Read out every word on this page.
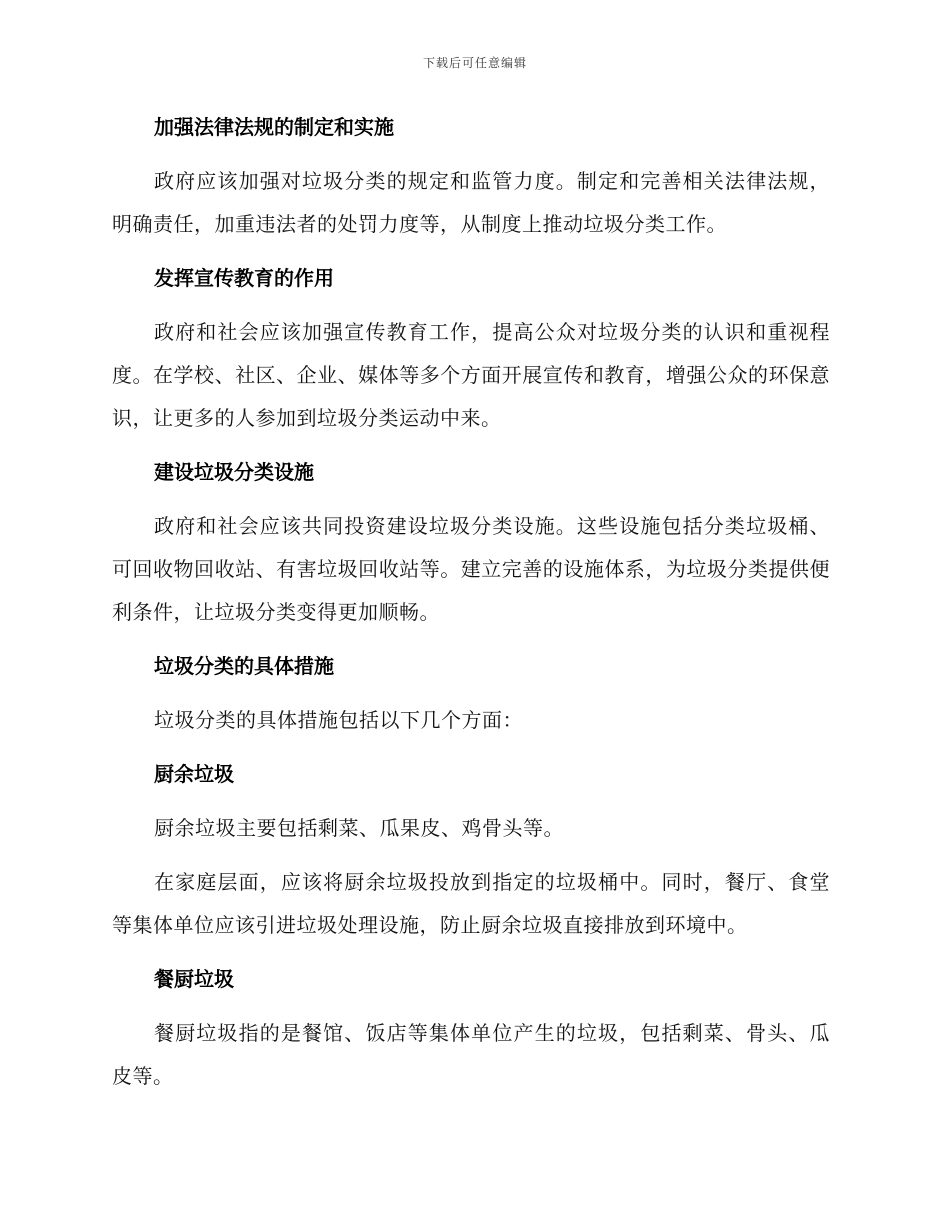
下载后可任意编辑
加强法律法规的制定和实施
政府应该加强对垃圾分类的规定和监管力度。制定和完善相关法律法规，明确责任，加重违法者的处罚力度等，从制度上推动垃圾分类工作。
发挥宣传教育的作用
政府和社会应该加强宣传教育工作，提高公众对垃圾分类的认识和重视程度。在学校、社区、企业、媒体等多个方面开展宣传和教育，增强公众的环保意识，让更多的人参加到垃圾分类运动中来。
建设垃圾分类设施
政府和社会应该共同投资建设垃圾分类设施。这些设施包括分类垃圾桶、可回收物回收站、有害垃圾回收站等。建立完善的设施体系，为垃圾分类提供便利条件，让垃圾分类变得更加顺畅。
垃圾分类的具体措施
垃圾分类的具体措施包括以下几个方面：
厨余垃圾
厨余垃圾主要包括剩菜、瓜果皮、鸡骨头等。
在家庭层面，应该将厨余垃圾投放到指定的垃圾桶中。同时，餐厅、食堂等集体单位应该引进垃圾处理设施，防止厨余垃圾直接排放到环境中。
餐厨垃圾
餐厨垃圾指的是餐馆、饭店等集体单位产生的垃圾，包括剩菜、骨头、瓜皮等。
